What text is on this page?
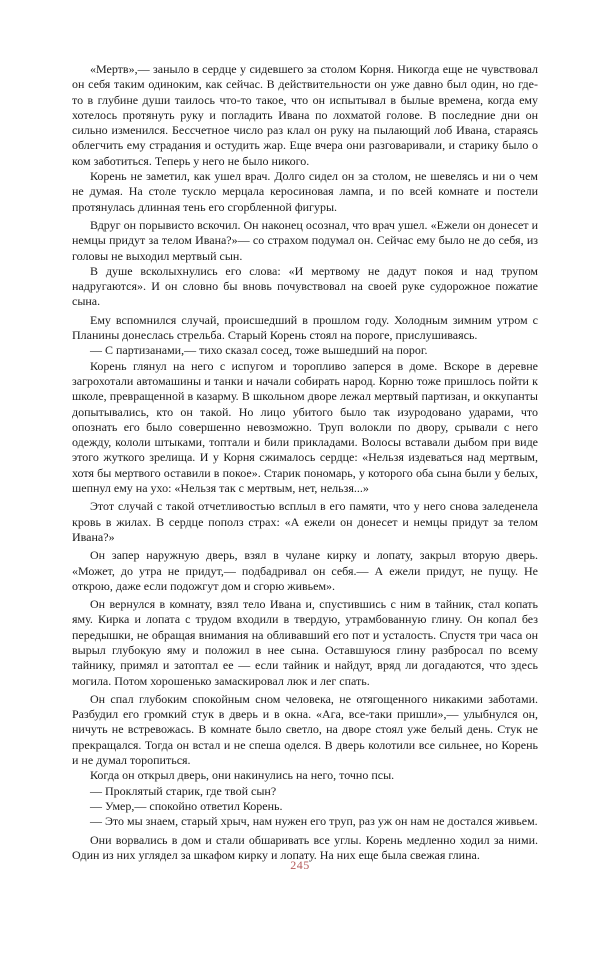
«Мертв»,— заныло в сердце у сидевшего за столом Корня. Никогда еще не чувствовал он себя таким одиноким, как сейчас. В действительности он уже давно был один, но где-то в глубине души таилось что-то такое, что он испытывал в былые времена, когда ему хотелось протянуть руку и погладить Ивана по лохматой голове. В последние дни он сильно изменился. Бессчетное число раз клал он руку на пылающий лоб Ивана, стараясь облегчить ему страдания и остудить жар. Еще вчера они разговаривали, и старику было о ком заботиться. Теперь у него не было никого.

Корень не заметил, как ушел врач. Долго сидел он за столом, не шевелясь и ни о чем не думая. На столе тускло мерцала керосиновая лампа, и по всей комнате и постели протянулась длинная тень его сгорбленной фигуры.

Вдруг он порывисто вскочил. Он наконец осознал, что врач ушел. «Ежели он донесет и немцы придут за телом Ивана?»— со страхом подумал он. Сейчас ему было не до себя, из головы не выходил мертвый сын.

В душе всколыхнулись его слова: «И мертвому не дадут покоя и над трупом надругаются». И он словно бы вновь почувствовал на своей руке судорожное пожатие сына.

Ему вспомнился случай, происшедший в прошлом году. Холодным зимним утром с Планины донеслась стрельба. Старый Корень стоял на пороге, прислушиваясь.

— С партизанами,— тихо сказал сосед, тоже вышедший на порог.

Корень глянул на него с испугом и торопливо заперся в доме. Вскоре в деревне загрохотали автомашины и танки и начали собирать народ. Корню тоже пришлось пойти к школе, превращенной в казарму. В школьном дворе лежал мертвый партизан, и оккупанты допытывались, кто он такой. Но лицо убитого было так изуродовано ударами, что опознать его было совершенно невозможно. Труп волокли по двору, срывали с него одежду, кололи штыками, топтали и били прикладами. Волосы вставали дыбом при виде этого жуткого зрелища. И у Корня сжималось сердце: «Нельзя издеваться над мертвым, хотя бы мертвого оставили в покое». Старик пономарь, у которого оба сына были у белых, шепнул ему на ухо: «Нельзя так с мертвым, нет, нельзя...»

Этот случай с такой отчетливостью всплыл в его памяти, что у него снова заледенела кровь в жилах. В сердце пополз страх: «А ежели он донесет и немцы придут за телом Ивана?»

Он запер наружную дверь, взял в чулане кирку и лопату, закрыл вторую дверь. «Может, до утра не придут,— подбадривал он себя.— А ежели придут, не пущу. Не открою, даже если подожгут дом и сгорю живьем».

Он вернулся в комнату, взял тело Ивана и, спустившись с ним в тайник, стал копать яму. Кирка и лопата с трудом входили в твердую, утрамбованную глину. Он копал без передышки, не обращая внимания на обливавший его пот и усталость. Спустя три часа он вырыл глубокую яму и положил в нее сына. Оставшуюся глину разбросал по всему тайнику, примял и затоптал ее — если тайник и найдут, вряд ли догадаются, что здесь могила. Потом хорошенько замаскировал люк и лег спать.

Он спал глубоким спокойным сном человека, не отягощенного никакими заботами. Разбудил его громкий стук в дверь и в окна. «Ага, все-таки пришли»,— улыбнулся он, ничуть не встревожась. В комнате было светло, на дворе стоял уже белый день. Стук не прекращался. Тогда он встал и не спеша оделся. В дверь колотили все сильнее, но Корень и не думал торопиться.

Когда он открыл дверь, они накинулись на него, точно псы.

— Проклятый старик, где твой сын?

— Умер,— спокойно ответил Корень.

— Это мы знаем, старый хрыч, нам нужен его труп, раз уж он нам не достался живьем.

Они ворвались в дом и стали обшаривать все углы. Корень медленно ходил за ними. Один из них углядел за шкафом кирку и лопату. На них еще была свежая глина.

245
